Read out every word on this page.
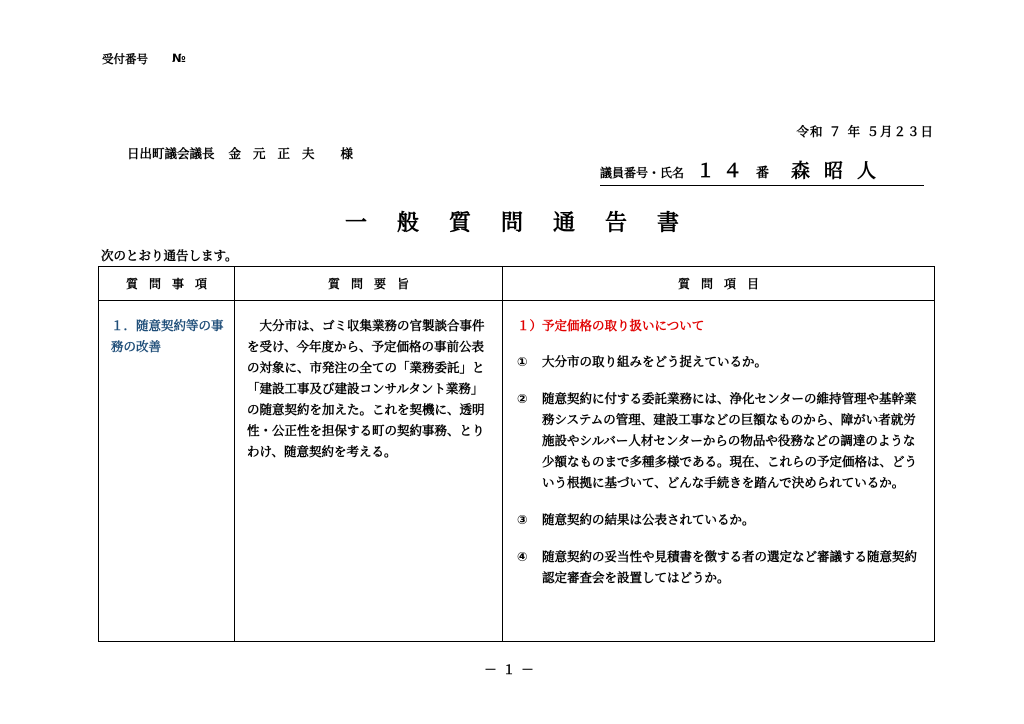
受付番号 №
令和 ７ 年 ５月２３日
日出町議会議長 金元正夫 様
議員番号・氏名 １４ 番 森昭人
一般質問通告書
次のとおり通告します。
質問事項	質問要旨	質問項目
１．随意契約等の事務の改善	大分市は、ゴミ収集業務の官製談合事件を受け、今年度から、予定価格の事前公表の対象に、市発注の全ての「業務委託」と「建設工事及び建設コンサルタント業務」の随意契約を加えた。これを契機に、透明性・公正性を担保する町の契約事務、とりわけ、随意契約を考える。	１）予定価格の取り扱いについて
① 大分市の取り組みをどう捉えているか。
② 随意契約に付する委託業務には、浄化センターの維持管理や基幹業務システムの管理、建設工事などの巨額なものから、障がい者就労施設やシルバー人材センターからの物品や役務などの調達のような少額なものまで多種多様である。現在、これらの予定価格は、どういう根拠に基づいて、どんな手続きを踏んで決められているか。
③ 随意契約の結果は公表されているか。
④ 随意契約の妥当性や見積書を徴する者の選定など審議する随意契約認定審査会を設置してはどうか。
－１－
